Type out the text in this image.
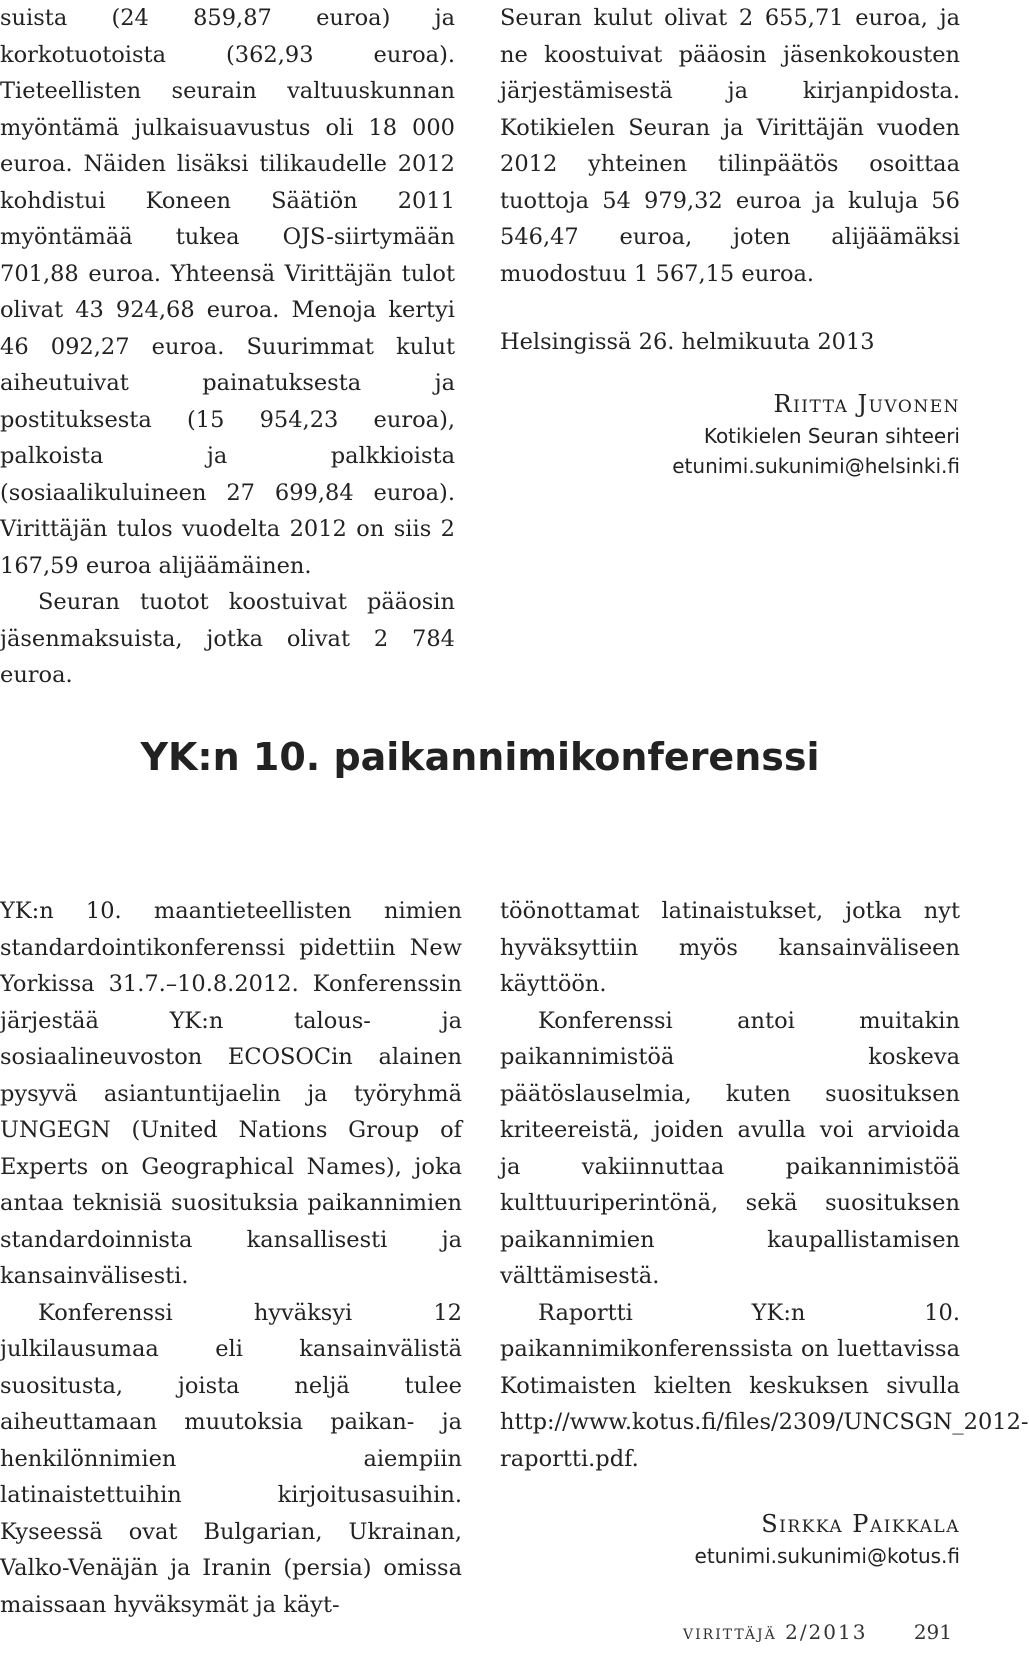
suista (24 859,87 euroa) ja korkotuotoista (362,93 euroa). Tieteellisten seurain valtuuskunnan myöntämä julkaisuavustus oli 18 000 euroa. Näiden lisäksi tilikaudelle 2012 kohdistui Koneen Säätiön 2011 myöntämää tukea OJS-siirtymään 701,88 euroa. Yhteensä Virittäjän tulot olivat 43 924,68 euroa. Menoja kertyi 46 092,27 euroa. Suurimmat kulut aiheutuivat painatuksesta ja postituksesta (15 954,23 euroa), palkoista ja palkkioista (sosiaalikuluineen 27 699,84 euroa). Virittäjän tulos vuodelta 2012 on siis 2 167,59 euroa alijäämäinen.

Seuran tuotot koostuivat pääosin jäsenmaksuista, jotka olivat 2 784 euroa.

Seuran kulut olivat 2 655,71 euroa, ja ne koostuivat pääosin jäsenkokousten järjestämisestä ja kirjanpidosta. Kotikielen Seuran ja Virittäjän vuoden 2012 yhteinen tilinpäätös osoittaa tuottoja 54 979,32 euroa ja kuluja 56 546,47 euroa, joten alijäämäksi muodostuu 1 567,15 euroa.

Helsingissä 26. helmikuuta 2013

Riitta Juvonen
Kotikielen Seuran sihteeri
etunimi.sukunimi@helsinki.fi
YK:n 10. paikannimikonferenssi

YK:n 10. maantieteellisten nimien standardointikonferenssi pidettiin New Yorkissa 31.7.–10.8.2012. Konferenssin järjestää YK:n talous- ja sosiaalineuvoston ECOSOCin alainen pysyvä asiantuntijaelin ja työryhmä UNGEGN (United Nations Group of Experts on Geographical Names), joka antaa teknisiä suosituksia paikannimien standardoinnista kansallisesti ja kansainvälisesti.

Konferenssi hyväksyi 12 julkilausumaa eli kansainvälistä suositusta, joista neljä tulee aiheuttamaan muutoksia paikan- ja henkilönnimien aiempiin latinaistettuihin kirjoitusasuihin. Kyseessä ovat Bulgarian, Ukrainan, Valko-Venäjän ja Iranin (persia) omissa maissaan hyväksymät ja käyt-

töönottamat latinaistukset, jotka nyt hyväksyttiin myös kansainväliseen käyttöön.

Konferenssi antoi muitakin paikannimistöä koskeva päätöslauselmia, kuten suosituksen kriteereistä, joiden avulla voi arvioida ja vakiinnuttaa paikannimistöä kulttuuriperintönä, sekä suosituksen paikannimien kaupallistamisen välttämisestä.

Raportti YK:n 10. paikannimikonferenssista on luettavissa Kotimaisten kielten keskuksen sivulla http://www.kotus.fi/files/2309/UNCSGN_2012-raportti.pdf.

Sirkka Paikkala
etunimi.sukunimi@kotus.fi
virittäjä 2/2013 291
